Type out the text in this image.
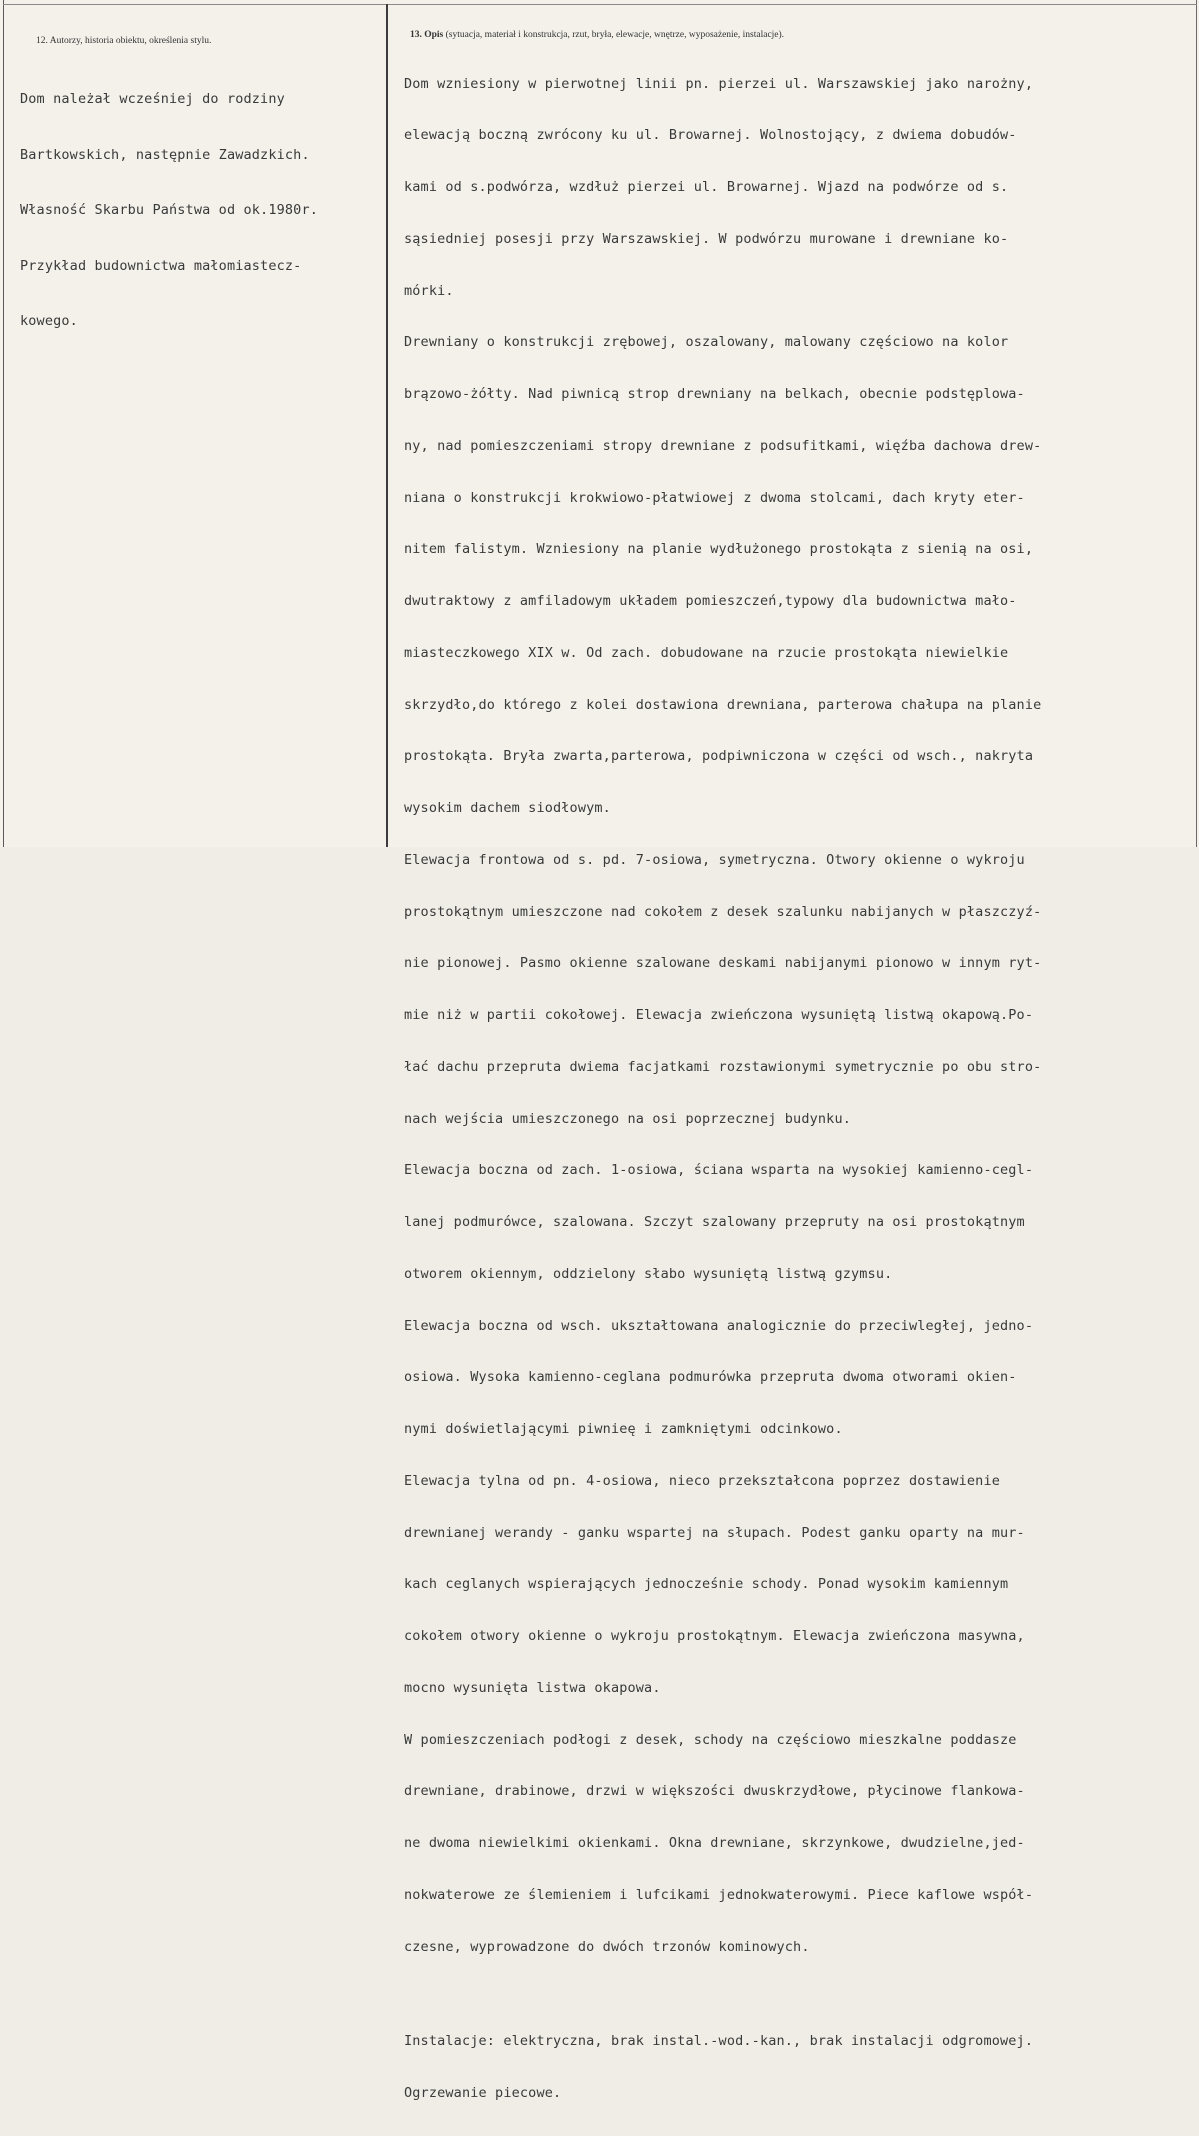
12. Autorzy, historia obiektu, określenia stylu.
13. Opis (sytuacja, materiał i konstrukcja, rzut, bryła, elewacje, wnętrze, wyposażenie, instalacje).

Dom należał wcześniej do rodziny

Bartkowskich, następnie Zawadzkich.

Własność Skarbu Państwa od ok.1980r.

Przykład budownictwa małomiastecz-

kowego.

Dom wzniesiony w pierwotnej linii pn. pierzei ul. Warszawskiej jako narożny,

elewacją boczną zwrócony ku ul. Browarnej. Wolnostojący, z dwiema dobudów-

kami od s.podwórza, wzdłuż pierzei ul. Browarnej. Wjazd na podwórze od s.

sąsiedniej posesji przy Warszawskiej. W podwórzu murowane i drewniane ko-

mórki.

Drewniany o konstrukcji zrębowej, oszalowany, malowany częściowo na kolor

brązowo-żółty. Nad piwnicą strop drewniany na belkach, obecnie podstęplowa-

ny, nad pomieszczeniami stropy drewniane z podsufitkami, więźba dachowa drew-

niana o konstrukcji krokwiowo-płatwiowej z dwoma stolcami, dach kryty eter-

nitem falistym. Wzniesiony na planie wydłużonego prostokąta z sienią na osi,

dwutraktowy z amfiladowym układem pomieszczeń,typowy dla budownictwa mało-

miasteczkowego XIX w. Od zach. dobudowane na rzucie prostokąta niewielkie

skrzydło,do którego z kolei dostawiona drewniana, parterowa chałupa na planie

prostokąta. Bryła zwarta,parterowa, podpiwniczona w części od wsch., nakryta

wysokim dachem siodłowym.

Elewacja frontowa od s. pd. 7-osiowa, symetryczna. Otwory okienne o wykroju

prostokątnym umieszczone nad cokołem z desek szalunku nabijanych w płaszczyź-

nie pionowej. Pasmo okienne szalowane deskami nabijanymi pionowo w innym ryt-

mie niż w partii cokołowej. Elewacja zwieńczona wysuniętą listwą okapową.Po-

łać dachu przepruta dwiema facjatkami rozstawionymi symetrycznie po obu stro-

nach wejścia umieszczonego na osi poprzecznej budynku.

Elewacja boczna od zach. 1-osiowa, ściana wsparta na wysokiej kamienno-cegl-

lanej podmurówce, szalowana. Szczyt szalowany przepruty na osi prostokątnym

otworem okiennym, oddzielony słabo wysuniętą listwą gzymsu.

Elewacja boczna od wsch. ukształtowana analogicznie do przeciwległej, jedno-

osiowa. Wysoka kamienno-ceglana podmurówka przepruta dwoma otworami okien-

nymi doświetlającymi piwnieę i zamkniętymi odcinkowo.

Elewacja tylna od pn. 4-osiowa, nieco przekształcona poprzez dostawienie

drewnianej werandy - ganku wspartej na słupach. Podest ganku oparty na mur-

kach ceglanych wspierających jednocześnie schody. Ponad wysokim kamiennym

cokołem otwory okienne o wykroju prostokątnym. Elewacja zwieńczona masywna,

mocno wysunięta listwa okapowa.

W pomieszczeniach podłogi z desek, schody na częściowo mieszkalne poddasze

drewniane, drabinowe, drzwi w większości dwuskrzydłowe, płycinowe flankowa-

ne dwoma niewielkimi okienkami. Okna drewniane, skrzynkowe, dwudzielne,jed-

nokwaterowe ze ślemieniem i lufcikami jednokwaterowymi. Piece kaflowe współ-

czesne, wyprowadzone do dwóch trzonów kominowych.

Instalacje: elektryczna, brak instal.-wod.-kan., brak instalacji odgromowej.

Ogrzewanie piecowe.
